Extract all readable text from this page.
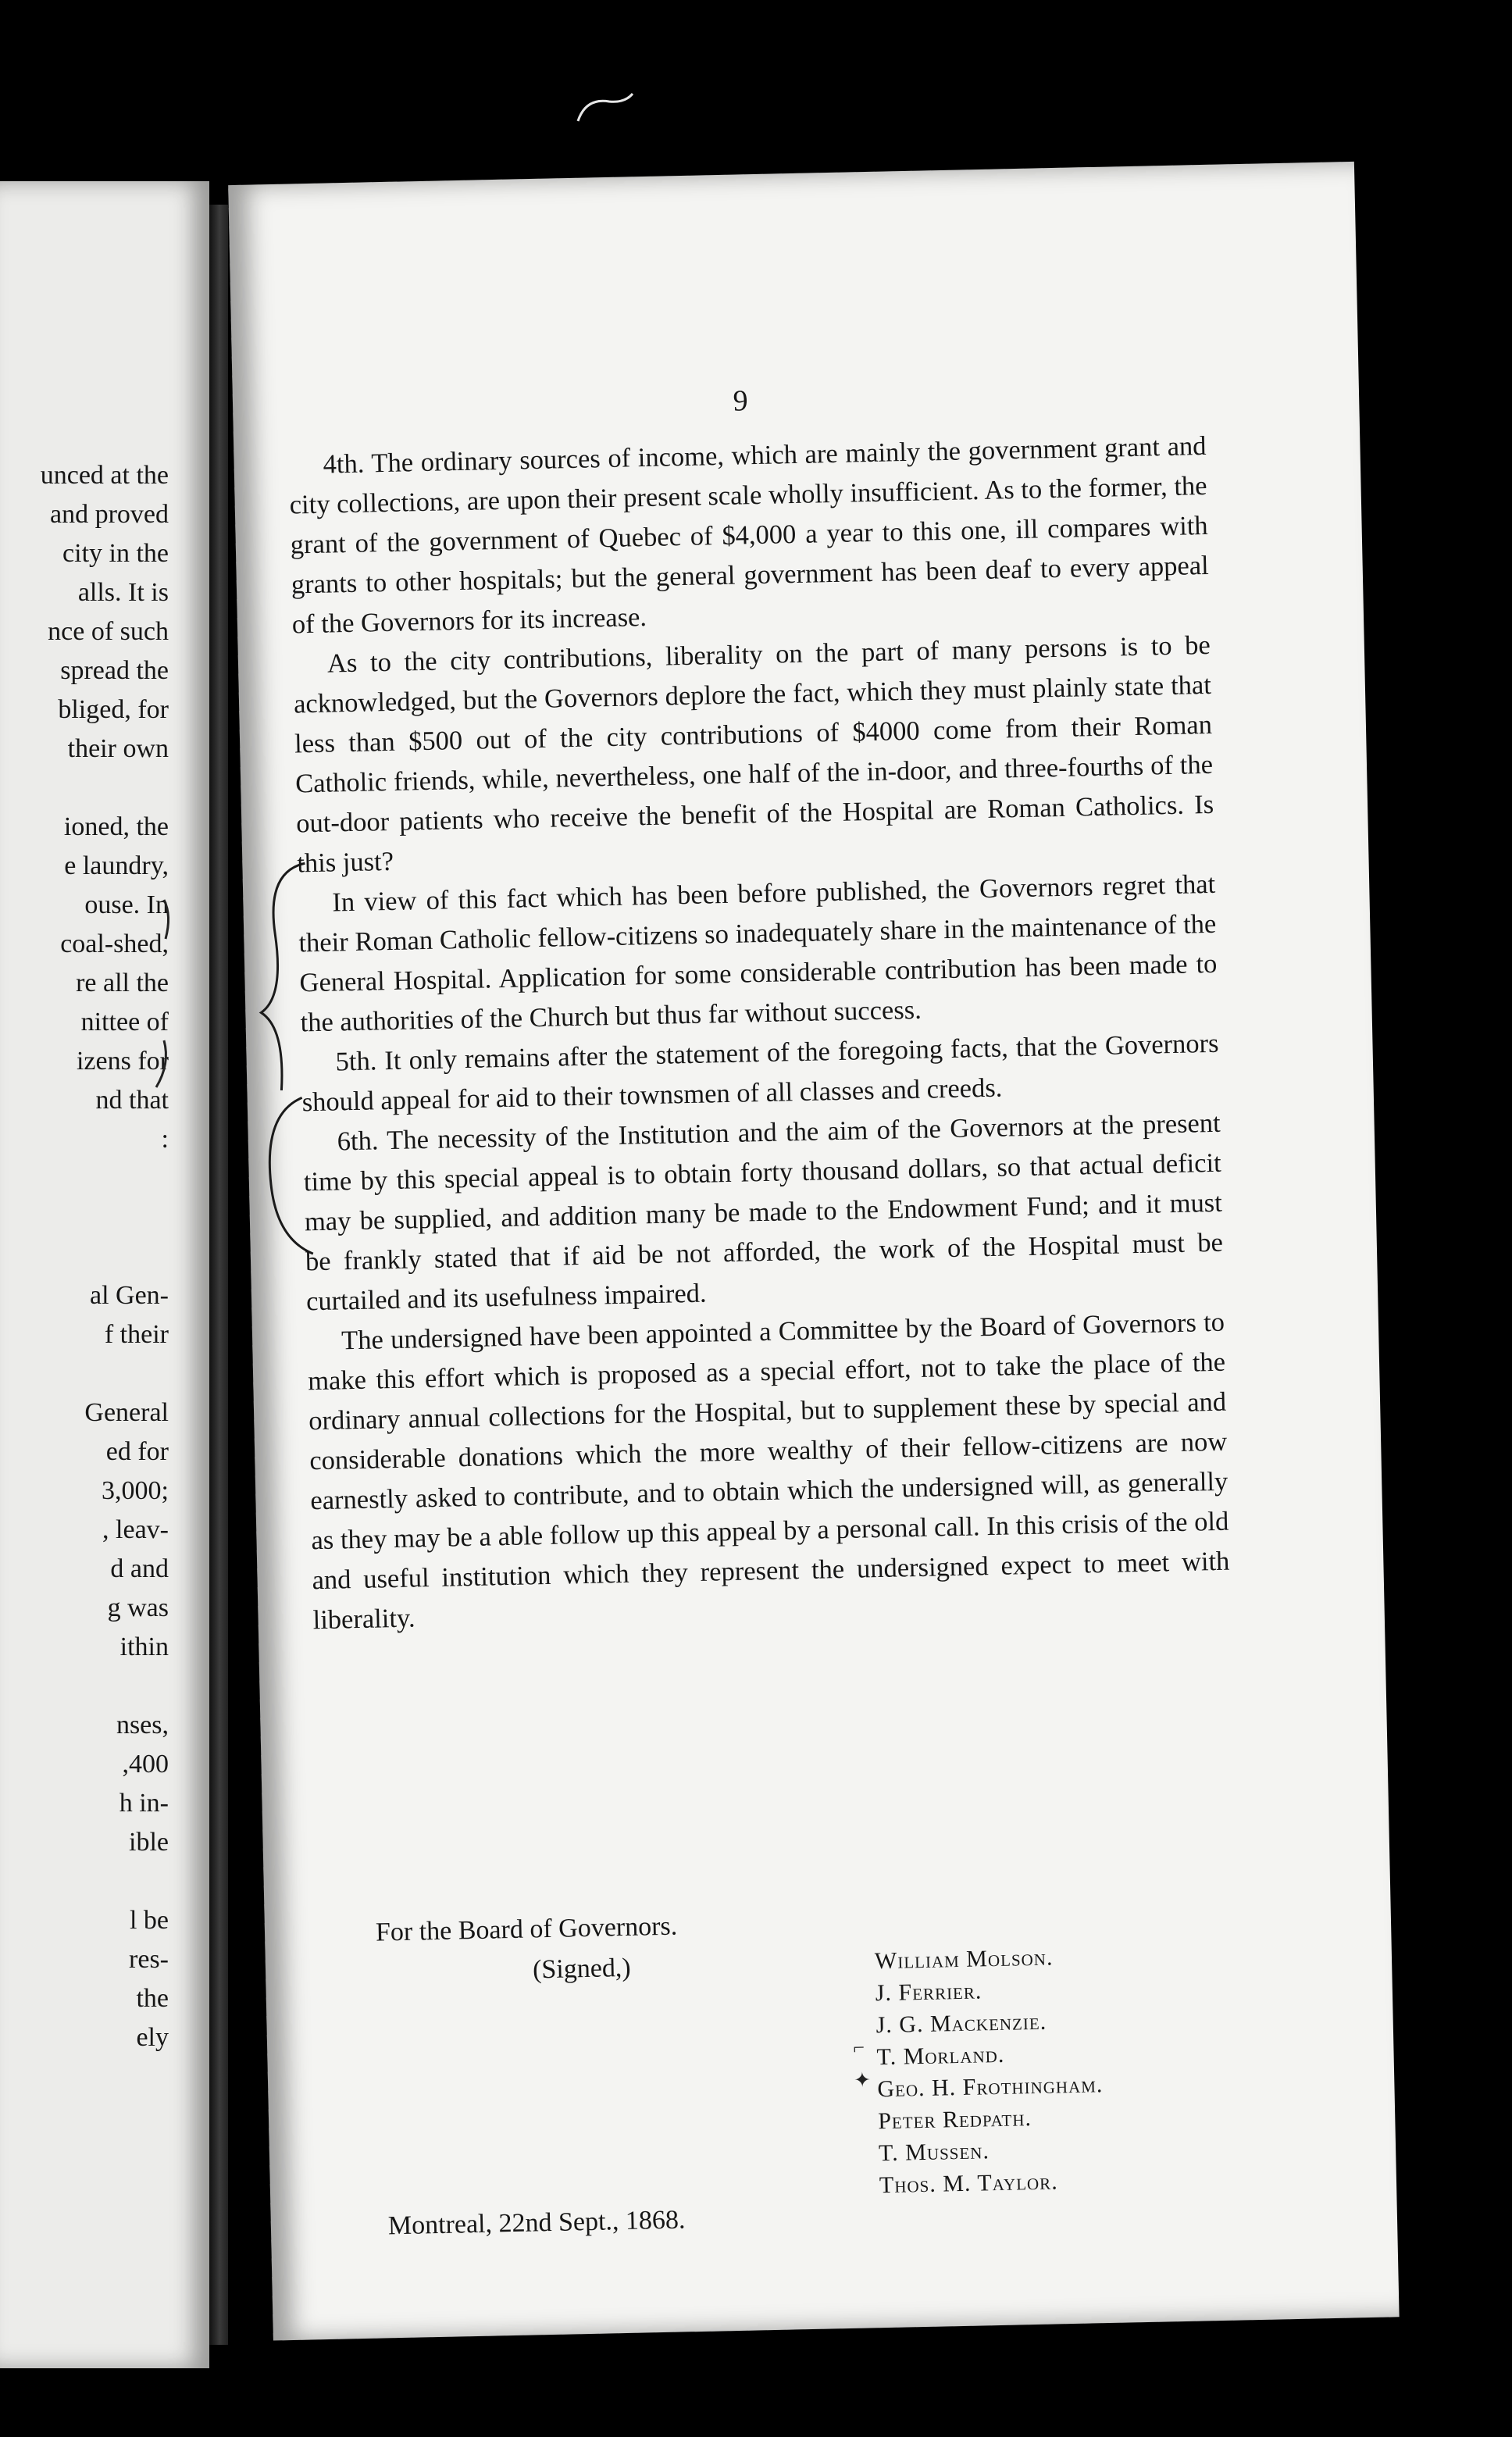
unced at the
and proved
city in the
alls. It is
nce of such
spread the
bliged, for
their own
ioned, the
e laundry,
ouse. In
coal-shed,
re all the
nittee of
izens for
nd that
:
al Gen-
f their
General
ed for
3,000;
, leav-
d and
g was
ithin
nses,
,400
h in-
ible
l be
res-
the
ely
9

4th. The ordinary sources of income, which are mainly the government grant and city collections, are upon their present scale wholly insufficient. As to the former, the grant of the government of Quebec of $4,000 a year to this one, ill compares with grants to other hospitals; but the general government has been deaf to every appeal of the Governors for its increase.

As to the city contributions, liberality on the part of many persons is to be acknowledged, but the Governors deplore the fact, which they must plainly state that less than $500 out of the city contributions of $4000 come from their Roman Catholic friends, while, nevertheless, one half of the in-door, and three-fourths of the out-door patients who receive the benefit of the Hospital are Roman Catholics. Is this just?

In view of this fact which has been before published, the Governors regret that their Roman Catholic fellow-citizens so inadequately share in the maintenance of the General Hospital. Application for some considerable contribution has been made to the authorities of the Church but thus far without success.

5th. It only remains after the statement of the foregoing facts, that the Governors should appeal for aid to their townsmen of all classes and creeds.

6th. The necessity of the Institution and the aim of the Governors at the present time by this special appeal is to obtain forty thousand dollars, so that actual deficit may be supplied, and addition many be made to the Endowment Fund; and it must be frankly stated that if aid be not afforded, the work of the Hospital must be curtailed and its usefulness impaired.

The undersigned have been appointed a Committee by the Board of Governors to make this effort which is proposed as a special effort, not to take the place of the ordinary annual collections for the Hospital, but to supplement these by special and considerable donations which the more wealthy of their fellow-citizens are now earnestly asked to contribute, and to obtain which the undersigned will, as generally as they may be a able follow up this appeal by a personal call. In this crisis of the old and useful institution which they represent the undersigned expect to meet with liberality.

For the Board of Governors.
(Signed,)	William Molson.
J. Ferrier.
J. G. Mackenzie.
T. Morland.
Geo. H. Frothingham.
Peter Redpath.
T. Mussen.
Thos. M. Taylor.
⌐
✦
Montreal, 22nd Sept., 1868.
